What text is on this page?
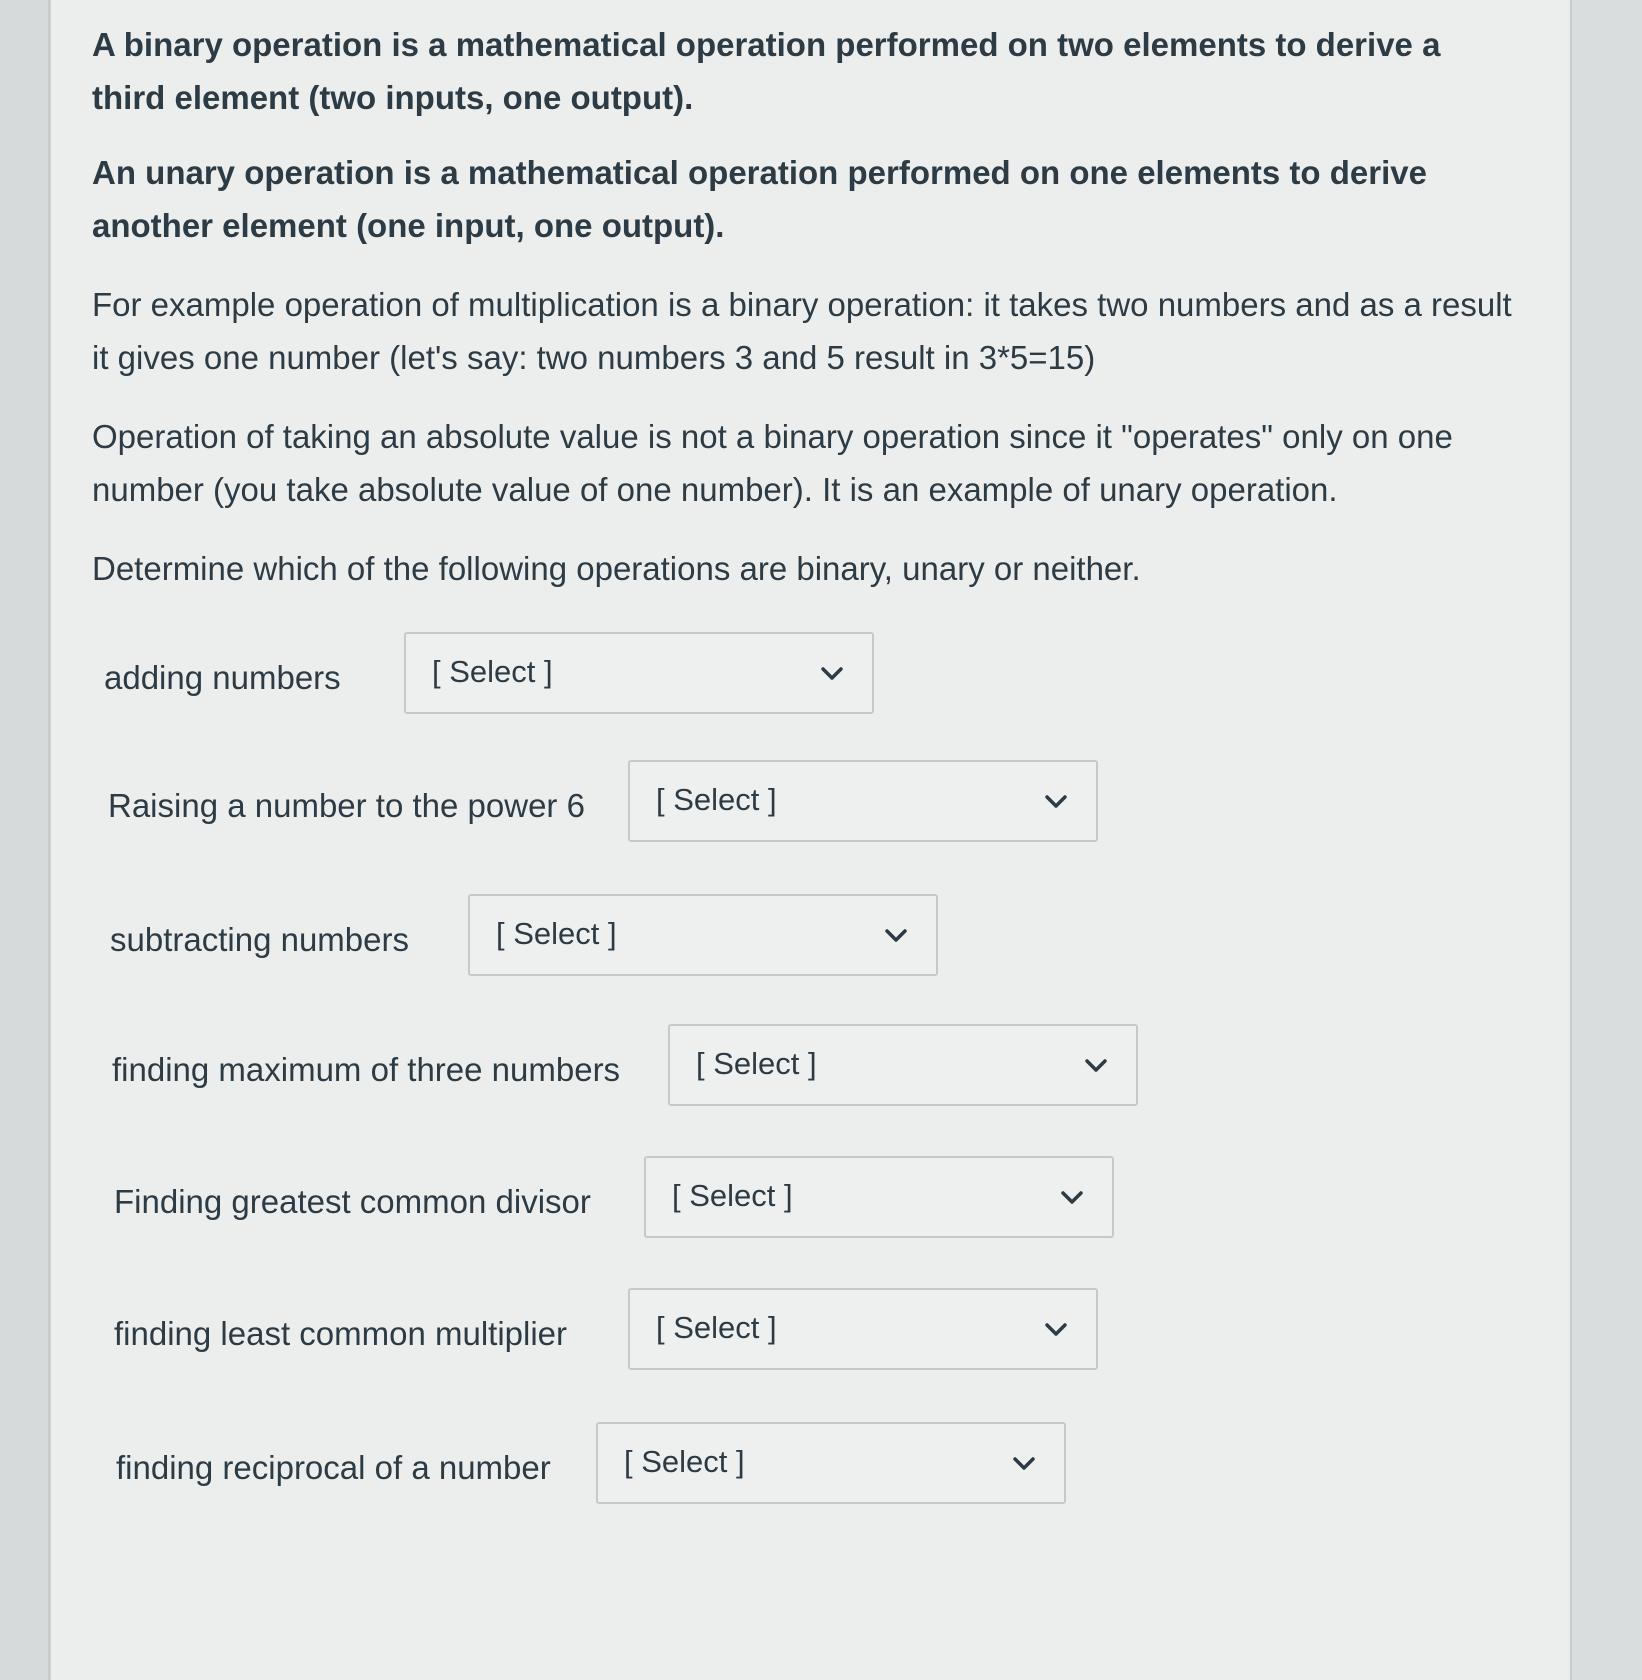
A binary operation is a mathematical operation performed on two elements to derive a third element (two inputs, one output).

An unary operation is a mathematical operation performed on one elements to derive another element (one input, one output).

For example operation of multiplication is a binary operation: it takes two numbers and as a result it gives one number (let's say: two numbers 3 and 5 result in 3*5=15)

Operation of taking an absolute value is not a binary operation since it "operates" only on one number (you take absolute value of one number). It is an example of unary operation.

Determine which of the following operations are binary, unary or neither.

adding numbers	[ Select ]
Raising a number to the power 6 [ Select ]
subtracting numbers	[ Select ]
finding maximum of three numbers [ Select ]
Finding greatest common divisor	[ Select ]
finding least common multiplier	[ Select ]
finding reciprocal of a number [ Select ]
